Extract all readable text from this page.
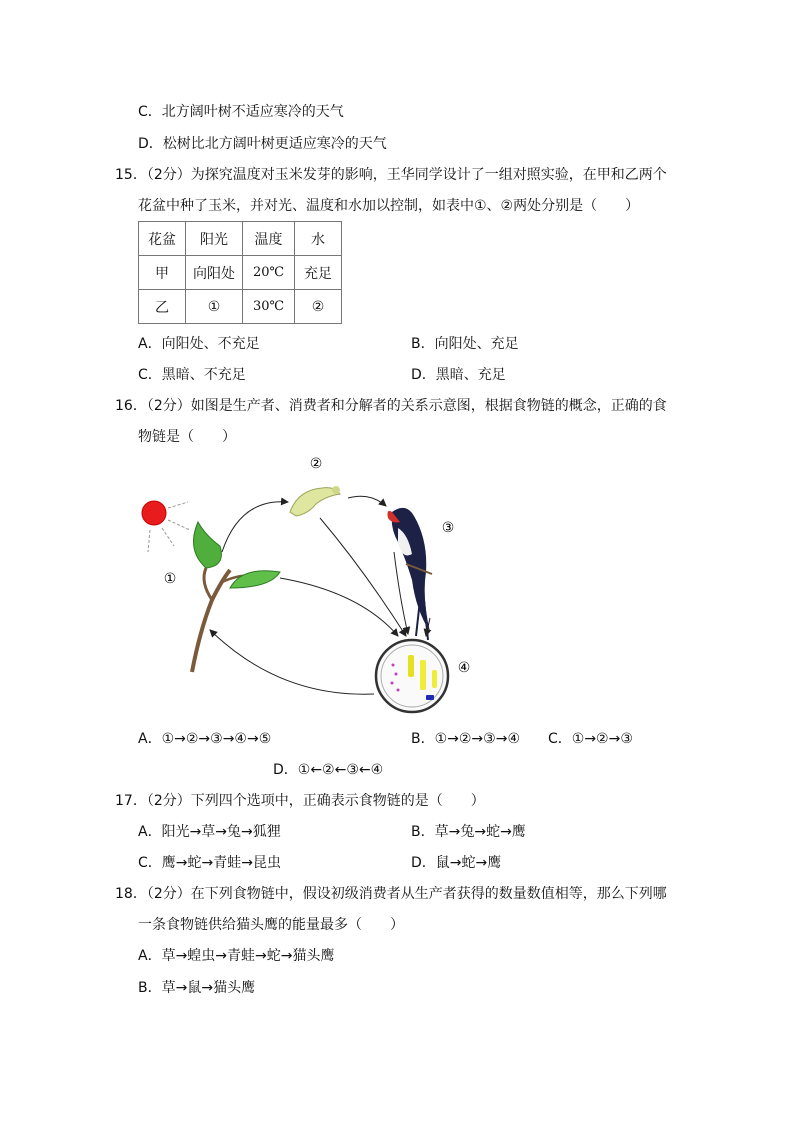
C．北方阔叶树不适应寒冷的天气
D．松树比北方阔叶树更适应寒冷的天气
15．（2分）为探究温度对玉米发芽的影响，王华同学设计了一组对照实验，在甲和乙两个
花盆中种了玉米，并对光、温度和水加以控制，如表中①、②两处分别是（　　）
花盆	阳光	温度	水
甲	向阳处	20℃	充足
乙	①	30℃	②
A．向阳处、不充足	B．向阳处、充足
C．黑暗、不充足	D．黑暗、充足
16．（2分）如图是生产者、消费者和分解者的关系示意图，根据食物链的概念，正确的食
物链是（　　）
②
③
①
④
A．①→②→③→④→⑤	B．①→②→③→④ C．①→②→③
D．①←②←③←④
17．（2分）下列四个选项中，正确表示食物链的是（　　）
A．阳光→草→兔→狐狸	B．草→兔→蛇→鹰
C．鹰→蛇→青蛙→昆虫	D．鼠→蛇→鹰
18．（2分）在下列食物链中，假设初级消费者从生产者获得的数量数值相等，那么下列哪
一条食物链供给猫头鹰的能量最多（　　）
A．草→蝗虫→青蛙→蛇→猫头鹰
B．草→鼠→猫头鹰
